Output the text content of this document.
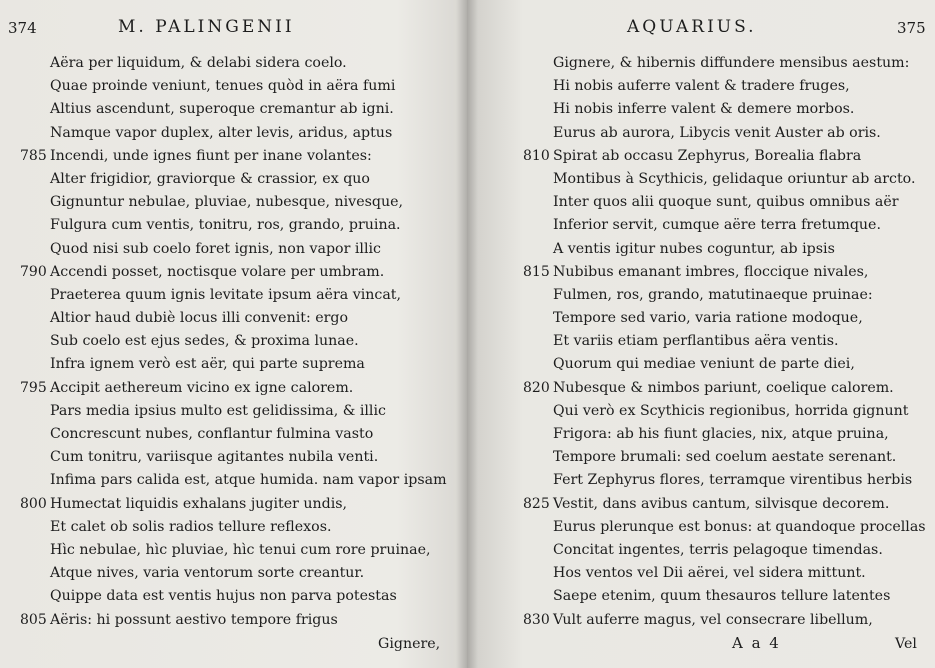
374	M. PALINGENII
Aëra per liquidum, & delabi sidera coelo.
Quae proinde veniunt, tenues quòd in aëra fumi
Altius ascendunt, superoque cremantur ab igni.
Namque vapor duplex, alter levis, aridus, aptus
785 Incendi, unde ignes fiunt per inane volantes:
Alter frigidior, graviorque & crassior, ex quo
Gignuntur nebulae, pluviae, nubesque, nivesque,
Fulgura cum ventis, tonitru, ros, grando, pruina.
Quod nisi sub coelo foret ignis, non vapor illic
790 Accendi posset, noctisque volare per umbram.
Praeterea quum ignis levitate ipsum aëra vincat,
Altior haud dubiè locus illi convenit: ergo
Sub coelo est ejus sedes, & proxima lunae.
Infra ignem verò est aër, qui parte suprema
795 Accipit aethereum vicino ex igne calorem.
Pars media ipsius multo est gelidissima, & illic
Concrescunt nubes, conflantur fulmina vasto
Cum tonitru, variisque agitantes nubila venti.
Infima pars calida est, atque humida. nam vapor ipsam
800 Humectat liquidis exhalans jugiter undis,
Et calet ob solis radios tellure reflexos.
Hìc nebulae, hìc pluviae, hìc tenui cum rore pruinae,
Atque nives, varia ventorum sorte creantur.
Quippe data est ventis hujus non parva potestas
805 Aëris: hi possunt aestivo tempore frigus
Gignere,
375
AQUARIUS.
Gignere, & hibernis diffundere mensibus aestum:
Hi nobis auferre valent & tradere fruges,
Hi nobis inferre valent & demere morbos.
Eurus ab aurora, Libycis venit Auster ab oris.
810 Spirat ab occasu Zephyrus, Borealia flabra
Montibus à Scythicis, gelidaque oriuntur ab arcto.
Inter quos alii quoque sunt, quibus omnibus aër
Inferior servit, cumque aëre terra fretumque.
A ventis igitur nubes coguntur, ab ipsis
815 Nubibus emanant imbres, floccique nivales,
Fulmen, ros, grando, matutinaeque pruinae:
Tempore sed vario, varia ratione modoque,
Et variis etiam perflantibus aëra ventis.
Quorum qui mediae veniunt de parte diei,
820 Nubesque & nimbos pariunt, coelique calorem.
Qui verò ex Scythicis regionibus, horrida gignunt
Frigora: ab his fiunt glacies, nix, atque pruina,
Tempore brumali: sed coelum aestate serenant.
Fert Zephyrus flores, terramque virentibus herbis
825 Vestit, dans avibus cantum, silvisque decorem.
Eurus plerunque est bonus: at quandoque procellas
Concitat ingentes, terris pelagoque timendas.
Hos ventos vel Dii aërei, vel sidera mittunt.
Saepe etenim, quum thesauros tellure latentes
830 Vult auferre magus, vel consecrare libellum,
A a 4	Vel
